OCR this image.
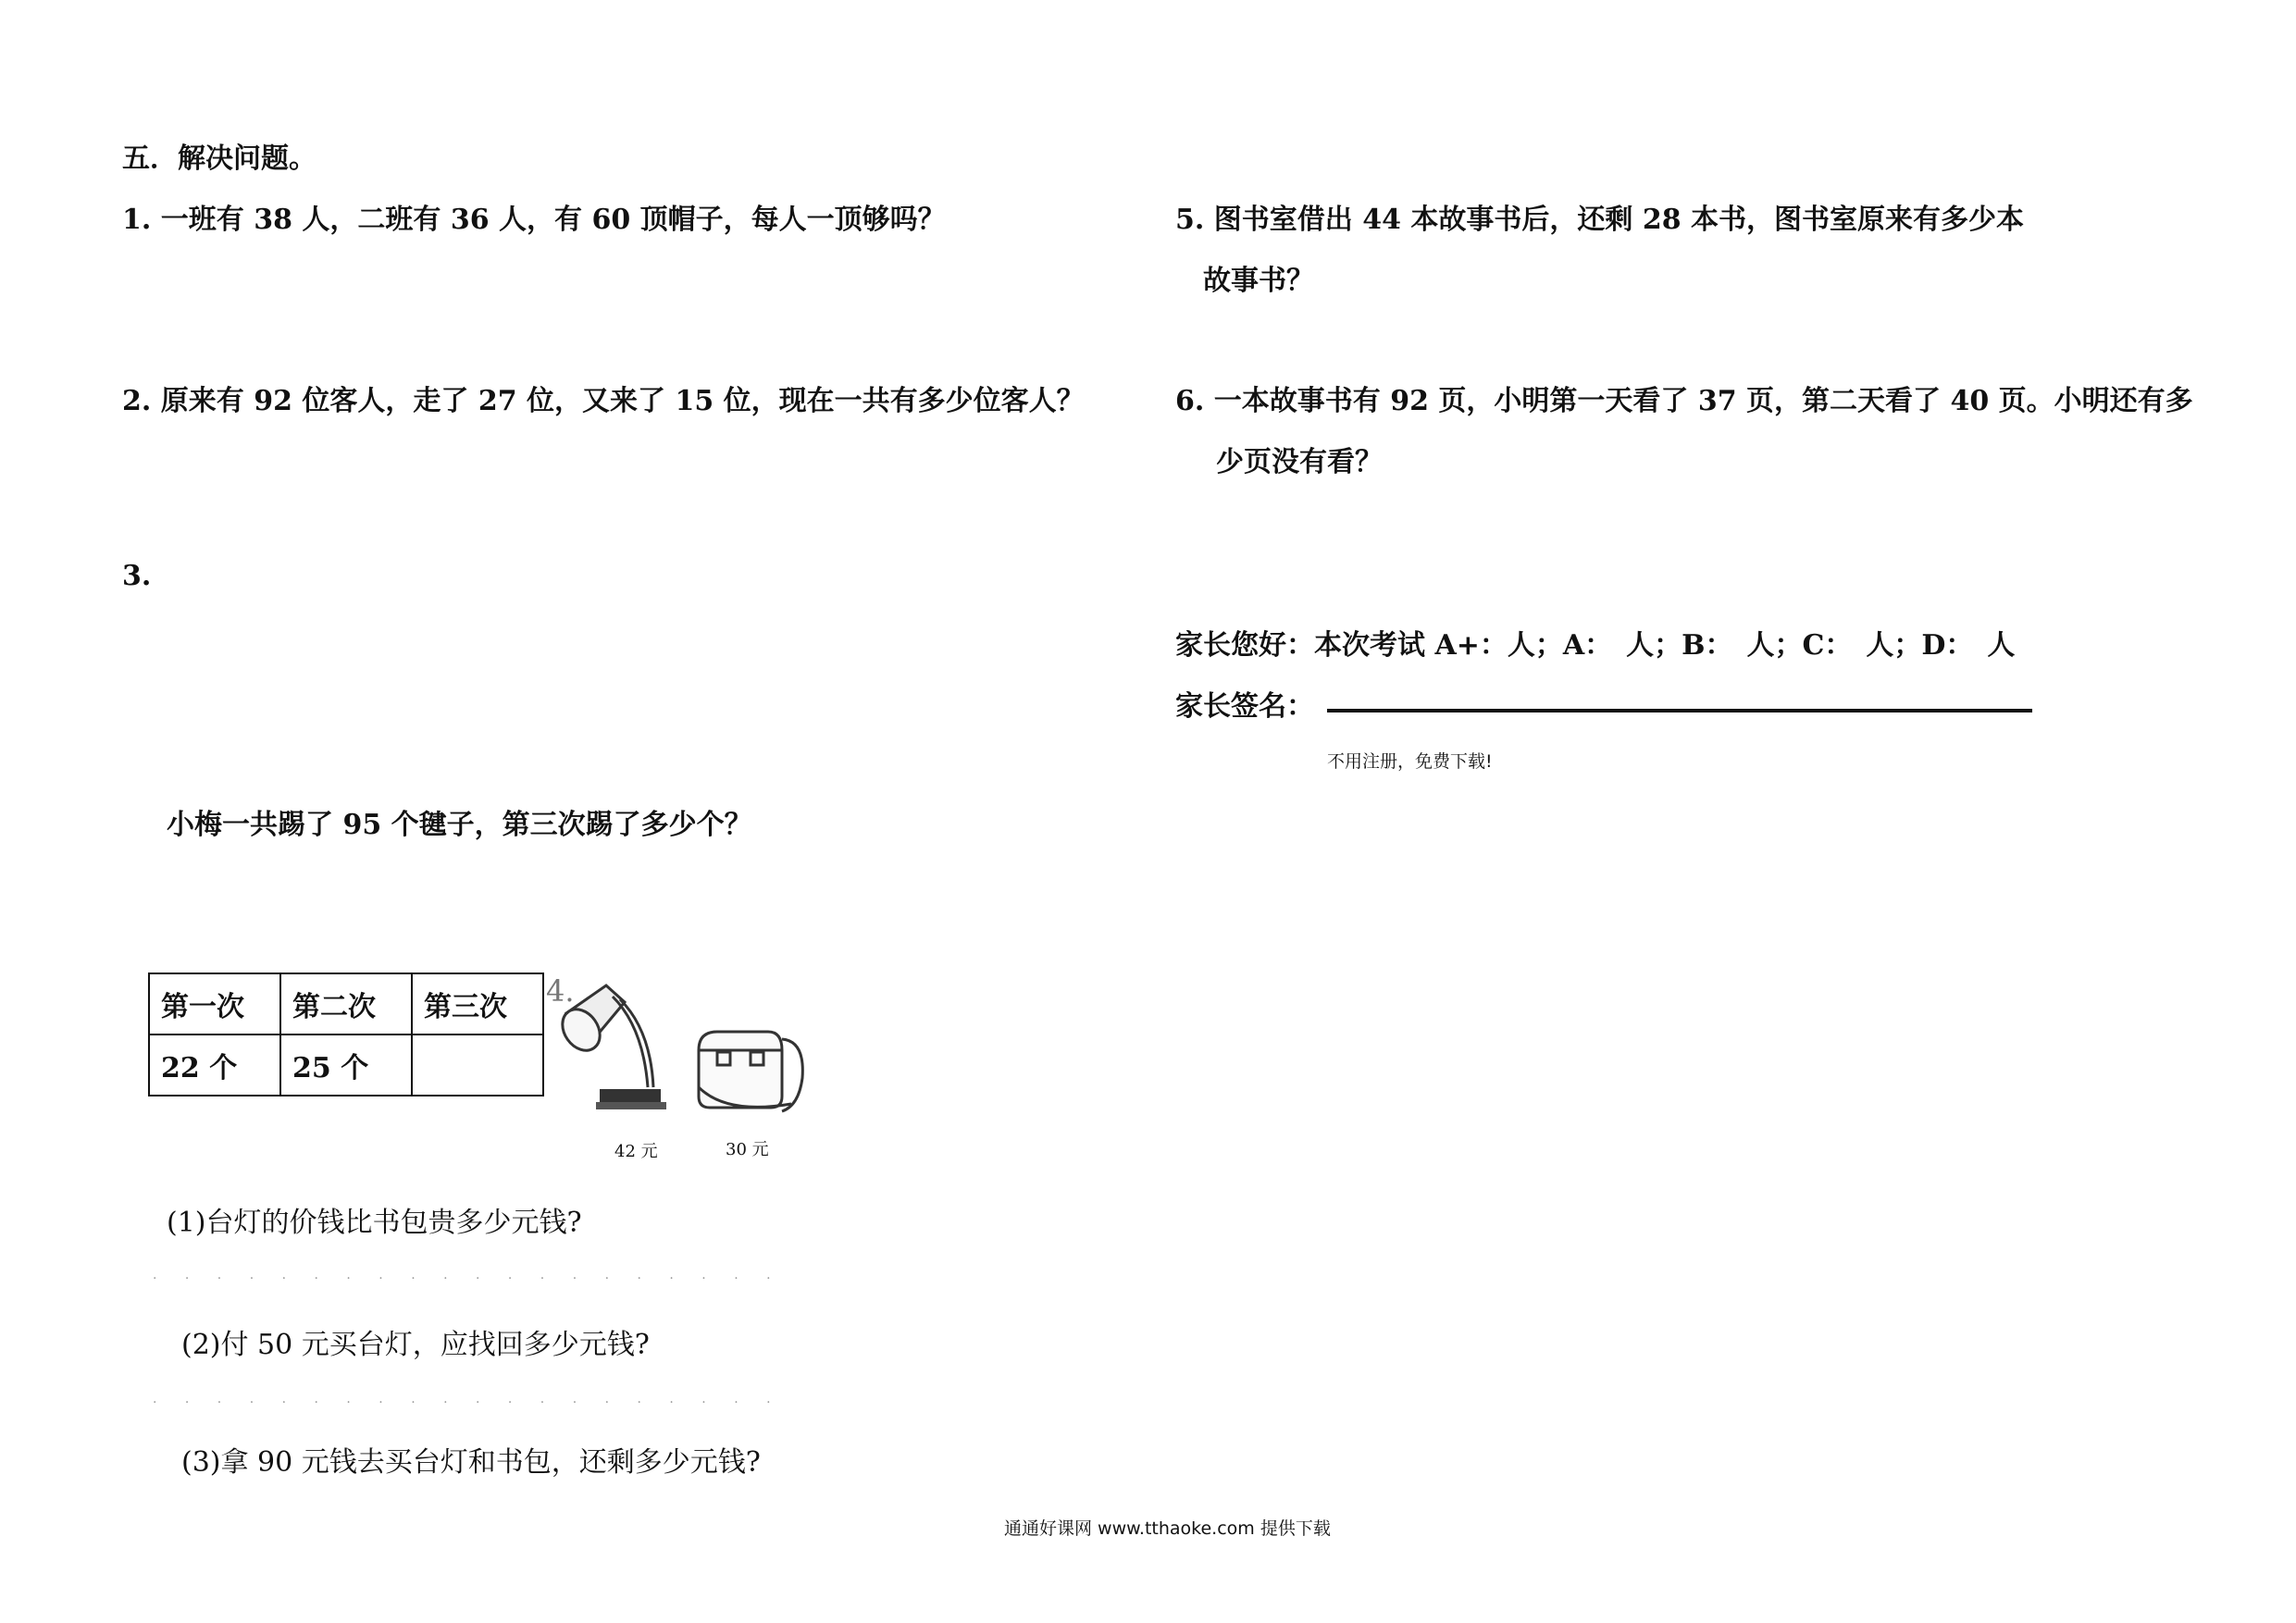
五．解决问题。
1. 一班有 38 人，二班有 36 人，有 60 顶帽子，每人一顶够吗？
2. 原来有 92 位客人，走了 27 位，又来了 15 位，现在一共有多少位客人？
3.
小梅一共踢了 95 个毽子，第三次踢了多少个？
第一次	第二次	第三次
22 个	25 个	
4.
42 元	30 元
(1)台灯的价钱比书包贵多少元钱?
· · · · · · · · · · · · · · · · · · · ·
(2)付 50 元买台灯，应找回多少元钱?
· · · · · · · · · · · · · · · · · · · ·
(3)拿 90 元钱去买台灯和书包，还剩多少元钱?
5. 图书室借出 44 本故事书后，还剩 28 本书，图书室原来有多少本
故事书？
6. 一本故事书有 92 页，小明第一天看了 37 页，第二天看了 40 页。小明还有多
少页没有看？
家长您好：本次考试 A+：人；A：　人；B：　人；C：　人；D：　人
家长签名：
不用注册，免费下载!
通通好课网 www.tthaoke.com 提供下载
